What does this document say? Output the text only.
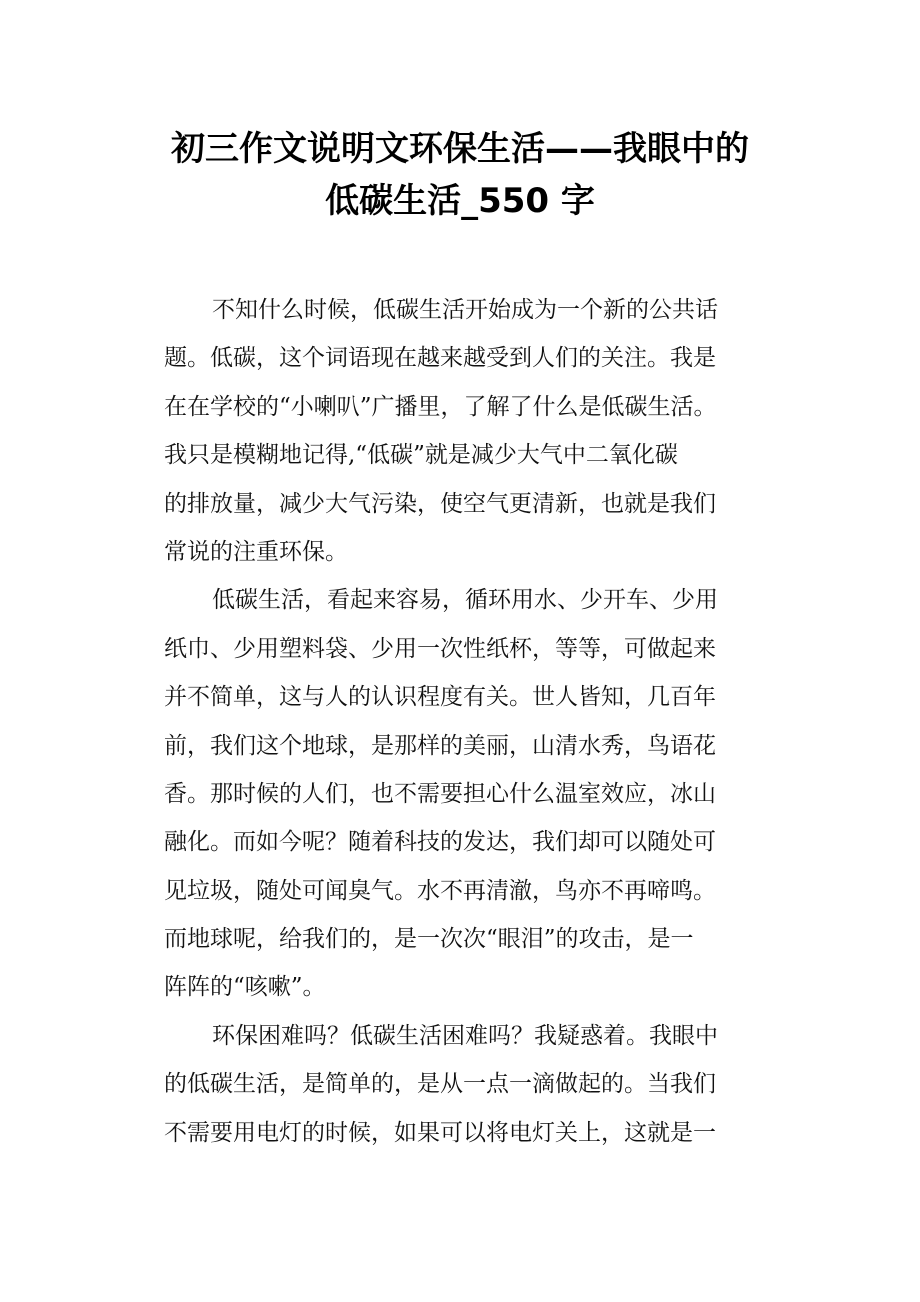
初三作文说明文环保生活——我眼中的
低碳生活_550 字

不知什么时候，低碳生活开始成为一个新的公共话
题。低碳，这个词语现在越来越受到人们的关注。我是
在在学校的“小喇叭”广播里，了解了什么是低碳生活。
我只是模糊地记得,“低碳”就是减少大气中二氧化碳
的排放量，减少大气污染，使空气更清新，也就是我们
常说的注重环保。

低碳生活，看起来容易，循环用水、少开车、少用
纸巾、少用塑料袋、少用一次性纸杯，等等，可做起来
并不简单，这与人的认识程度有关。世人皆知，几百年
前，我们这个地球，是那样的美丽，山清水秀，鸟语花
香。那时候的人们，也不需要担心什么温室效应，冰山
融化。而如今呢？随着科技的发达，我们却可以随处可
见垃圾，随处可闻臭气。水不再清澈，鸟亦不再啼鸣。
而地球呢，给我们的，是一次次“眼泪”的攻击，是一
阵阵的“咳嗽”。

环保困难吗？低碳生活困难吗？我疑惑着。我眼中
的低碳生活，是简单的，是从一点一滴做起的。当我们
不需要用电灯的时候，如果可以将电灯关上，这就是一
